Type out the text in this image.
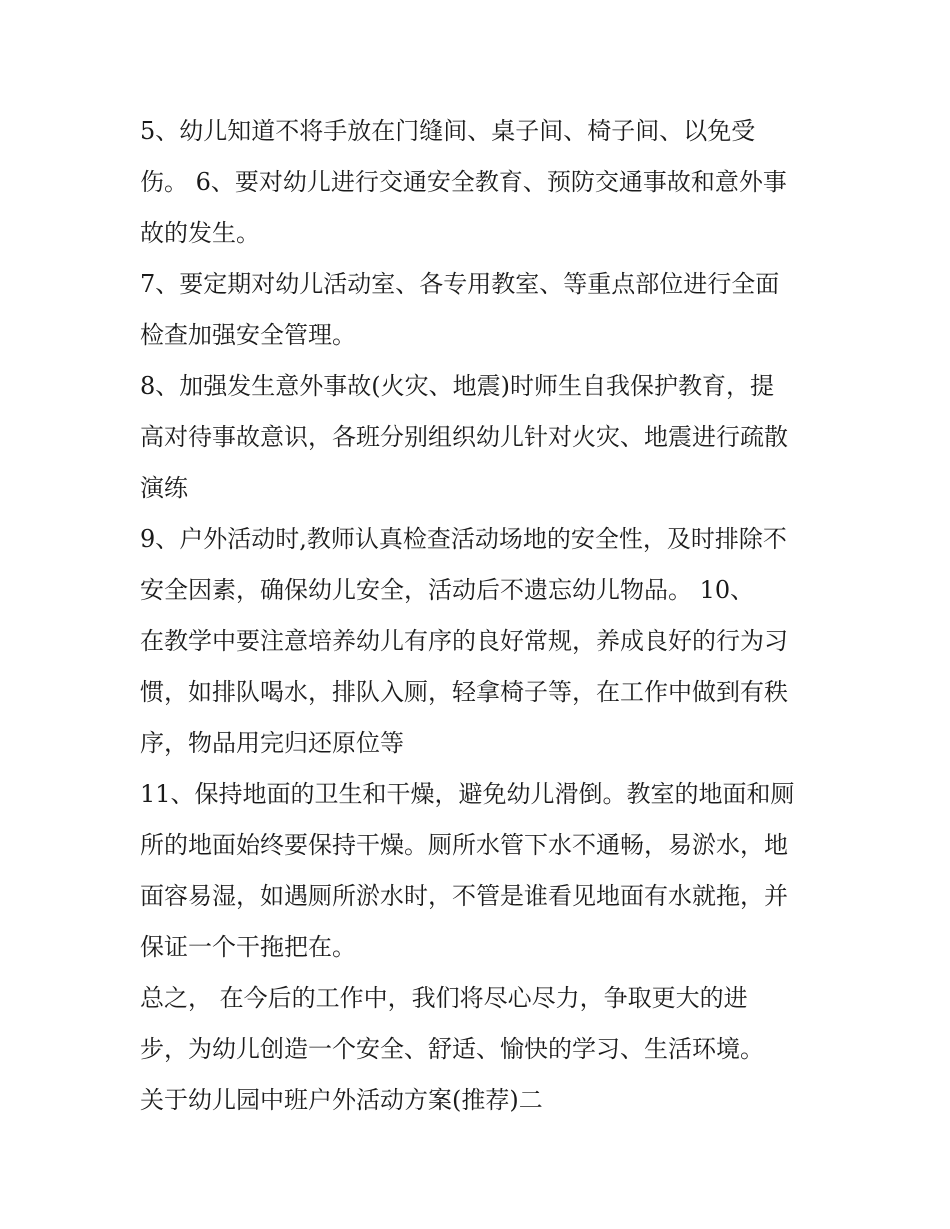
5、幼儿知道不将手放在门缝间、桌子间、椅子间、以免受
伤。 6、要对幼儿进行交通安全教育、预防交通事故和意外事
故的发生。
7、要定期对幼儿活动室、各专用教室、等重点部位进行全面
检查加强安全管理。
8、加强发生意外事故(火灾、地震)时师生自我保护教育，提
高对待事故意识，各班分别组织幼儿针对火灾、地震进行疏散
演练
9、户外活动时,教师认真检查活动场地的安全性，及时排除不
安全因素，确保幼儿安全，活动后不遗忘幼儿物品。 10、
在教学中要注意培养幼儿有序的良好常规，养成良好的行为习
惯，如排队喝水，排队入厕，轻拿椅子等，在工作中做到有秩
序，物品用完归还原位等
11、保持地面的卫生和干燥，避免幼儿滑倒。教室的地面和厕
所的地面始终要保持干燥。厕所水管下水不通畅，易淤水，地
面容易湿，如遇厕所淤水时，不管是谁看见地面有水就拖，并
保证一个干拖把在。
总之， 在今后的工作中，我们将尽心尽力，争取更大的进
步，为幼儿创造一个安全、舒适、愉快的学习、生活环境。
关于幼儿园中班户外活动方案(推荐)二
